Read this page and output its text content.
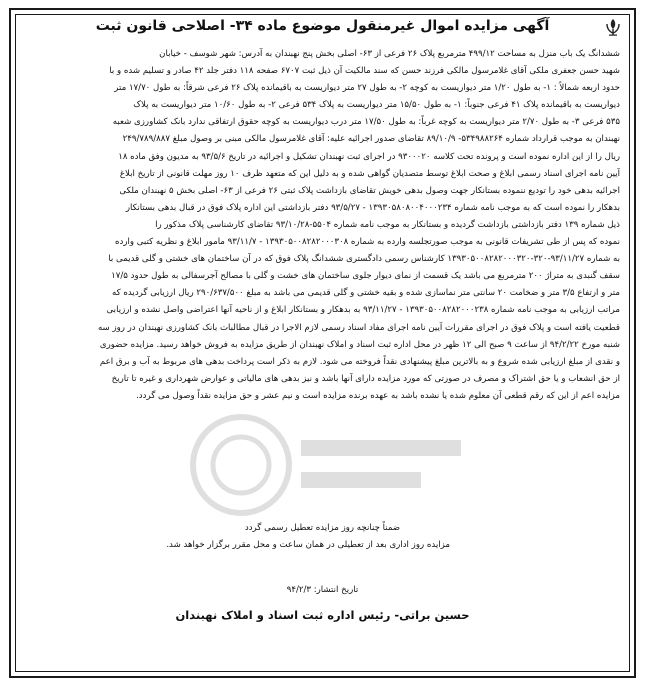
آگهی مزایده اموال غیرمنقول موضوع ماده ۳۴- اصلاحی قانون ثبت
ششدانگ یک باب منزل به مساحت ۴۹۹/۱۲ مترمربع پلاک ۲۶ فرعی از ۶۳- اصلی بخش پنج نهبندان به آدرس: شهر شوسف - خیابان
شهید حسن جعفری ملکی آقای غلامرسول مالکی فرزند حسن که سند مالکیت آن ذیل ثبت ۶۷۰۷ صفحه ۱۱۸ دفتر جلد ۴۲ صادر و تسلیم شده و با
حدود اربعه شمالاً : ۱- به طول ۱/۲۰ متر دیواریست به کوچه ۲- به طول ۲۷ متر دیواریست به باقیمانده پلاک ۲۶ فرعی شرقاً: به طول ۱۷/۷۰ متر
دیواریست به باقیمانده پلاک ۴۱ فرعی جنوباً: ۱- به طول ۱۵/۵۰ متر دیواریست به پلاک ۵۳۴ فرعی ۲- به طول ۱۰/۶۰ متر دیواریست به پلاک
۵۳۵ فرعی ۳- به طول ۲/۷۰ متر دیواریست به کوچه غرباً: به طول ۱۷/۵۰ متر درب دیواریست به کوچه حقوق ارتفاقی ندارد بانک کشاورزی شعبه
نهبندان به موجب قرارداد شماره ۵۳۴۹۸۸۲۶۴- ۸۹/۱۰/۹ تقاضای صدور اجرائیه علیه: آقای غلامرسول مالکی مبنی بر وصول مبلغ ۲۴۹/۷۸۹/۸۸۷
ریال را از این اداره نموده است و پرونده تحت کلاسه ۹۳۰۰۰۲۰ در اجرای ثبت نهبندان تشکیل و اجرائیه در تاریخ ۹۳/۵/۶ به مدیون وفق ماده ۱۸
آیین نامه اجرای اسناد رسمی ابلاغ و صحت ابلاغ توسط متصدیان گواهی شده و به دلیل این که متعهد ظرف ۱۰ روز مهلت قانونی از تاریخ ابلاغ
اجرائیه بدهی خود را تودیع ننموده بستانکار جهت وصول بدهی خویش تقاضای بازداشت پلاک ثبتی ۲۶ فرعی از ۶۳- اصلی بخش ۵ نهبندان ملکی
بدهکار را نموده است که به موجب نامه شماره ۱۳۹۳۰۵۸۰۸۰۰۴۰۰۰۲۳۴ - ۹۳/۵/۲۷ دفتر بازداشتی این اداره پلاک فوق در قبال بدهی بستانکار
ذیل شماره ۱۳۹ دفتر بازداشتی بازداشت گردیده و بستانکار به موجب نامه شماره ۵۵۰۴-۹۳/۱۰/۲۸ تقاضای کارشناسی پلاک مذکور را
نموده که پس از طی تشریفات قانونی به موجب صورتجلسه وارده به شماره ۱۳۹۳۰۵۰۰۸۲۸۲۰۰۰۳۰۸ - ۹۳/۱۱/۷ مامور ابلاغ و نظریه کتبی وارده
به شماره ۹۳/۱۱/۲۷-۳۲۰-۱۳۹۳۰۵۰۰۸۲۸۲۰۰۰۳۲۰ کارشناس رسمی دادگستری ششدانگ پلاک فوق که در آن ساختمان های خشتی و گلی قدیمی با
سقف گنبدی به متراژ ۲۰۰ مترمربع می باشد یک قسمت از نمای دیوار جلوی ساختمان های خشت و گلی با مصالح آجرسفالی به طول حدود ۱۷/۵
متر و ارتفاع ۳/۵ متر و ضخامت ۲۰ سانتی متر نماسازی شده و بقیه خشتی و گلی قدیمی می باشد به مبلغ ۲۹۰/۶۳۷/۵۰۰ ریال ارزیابی گردیده که
مراتب ارزیابی به موجب نامه شماره ۱۳۹۳۰۵۰۰۸۲۸۲۰۰۰۲۳۸ - ۹۳/۱۱/۲۷ به بدهکار و بستانکار ابلاغ و از ناحیه آنها اعتراضی واصل نشده و ارزیابی
قطعیت یافته است و پلاک فوق در اجرای مقررات آیین نامه اجرای مفاد اسناد رسمی لازم الاجرا در قبال مطالبات بانک کشاورزی نهبندان در روز سه
شنبه مورخ ۹۴/۲/۲۲ از ساعت ۹ صبح الی ۱۲ ظهر در محل اداره ثبت اسناد و املاک نهبندان از طریق مزایده به فروش خواهد رسید. مزایده حضوری
و نقدی از مبلغ ارزیابی شده شروع و به بالاترین مبلغ پیشنهادی نقداً فروخته می شود. لازم به ذکر است پرداخت بدهی های مربوط به آب و برق اعم
از حق انشعاب و یا حق اشتراک و مصرف در صورتی که مورد مزایده دارای آنها باشد و نیز بدهی های مالیاتی و عوارض شهرداری و غیره تا تاریخ
مزایده اعم از این که رقم قطعی آن معلوم شده یا نشده باشد به عهده برنده مزایده است و نیم عشر و حق مزایده نقداً وصول می گردد.
ضمناً چنانچه روز مزایده تعطیل رسمی گردد
مزایده روز اداری بعد از تعطیلی در همان ساعت و محل مقرر برگزار خواهد شد.
تاریخ انتشار: ۹۴/۲/۳
حسین براتی- رئیس اداره ثبت اسناد و املاک نهبندان
